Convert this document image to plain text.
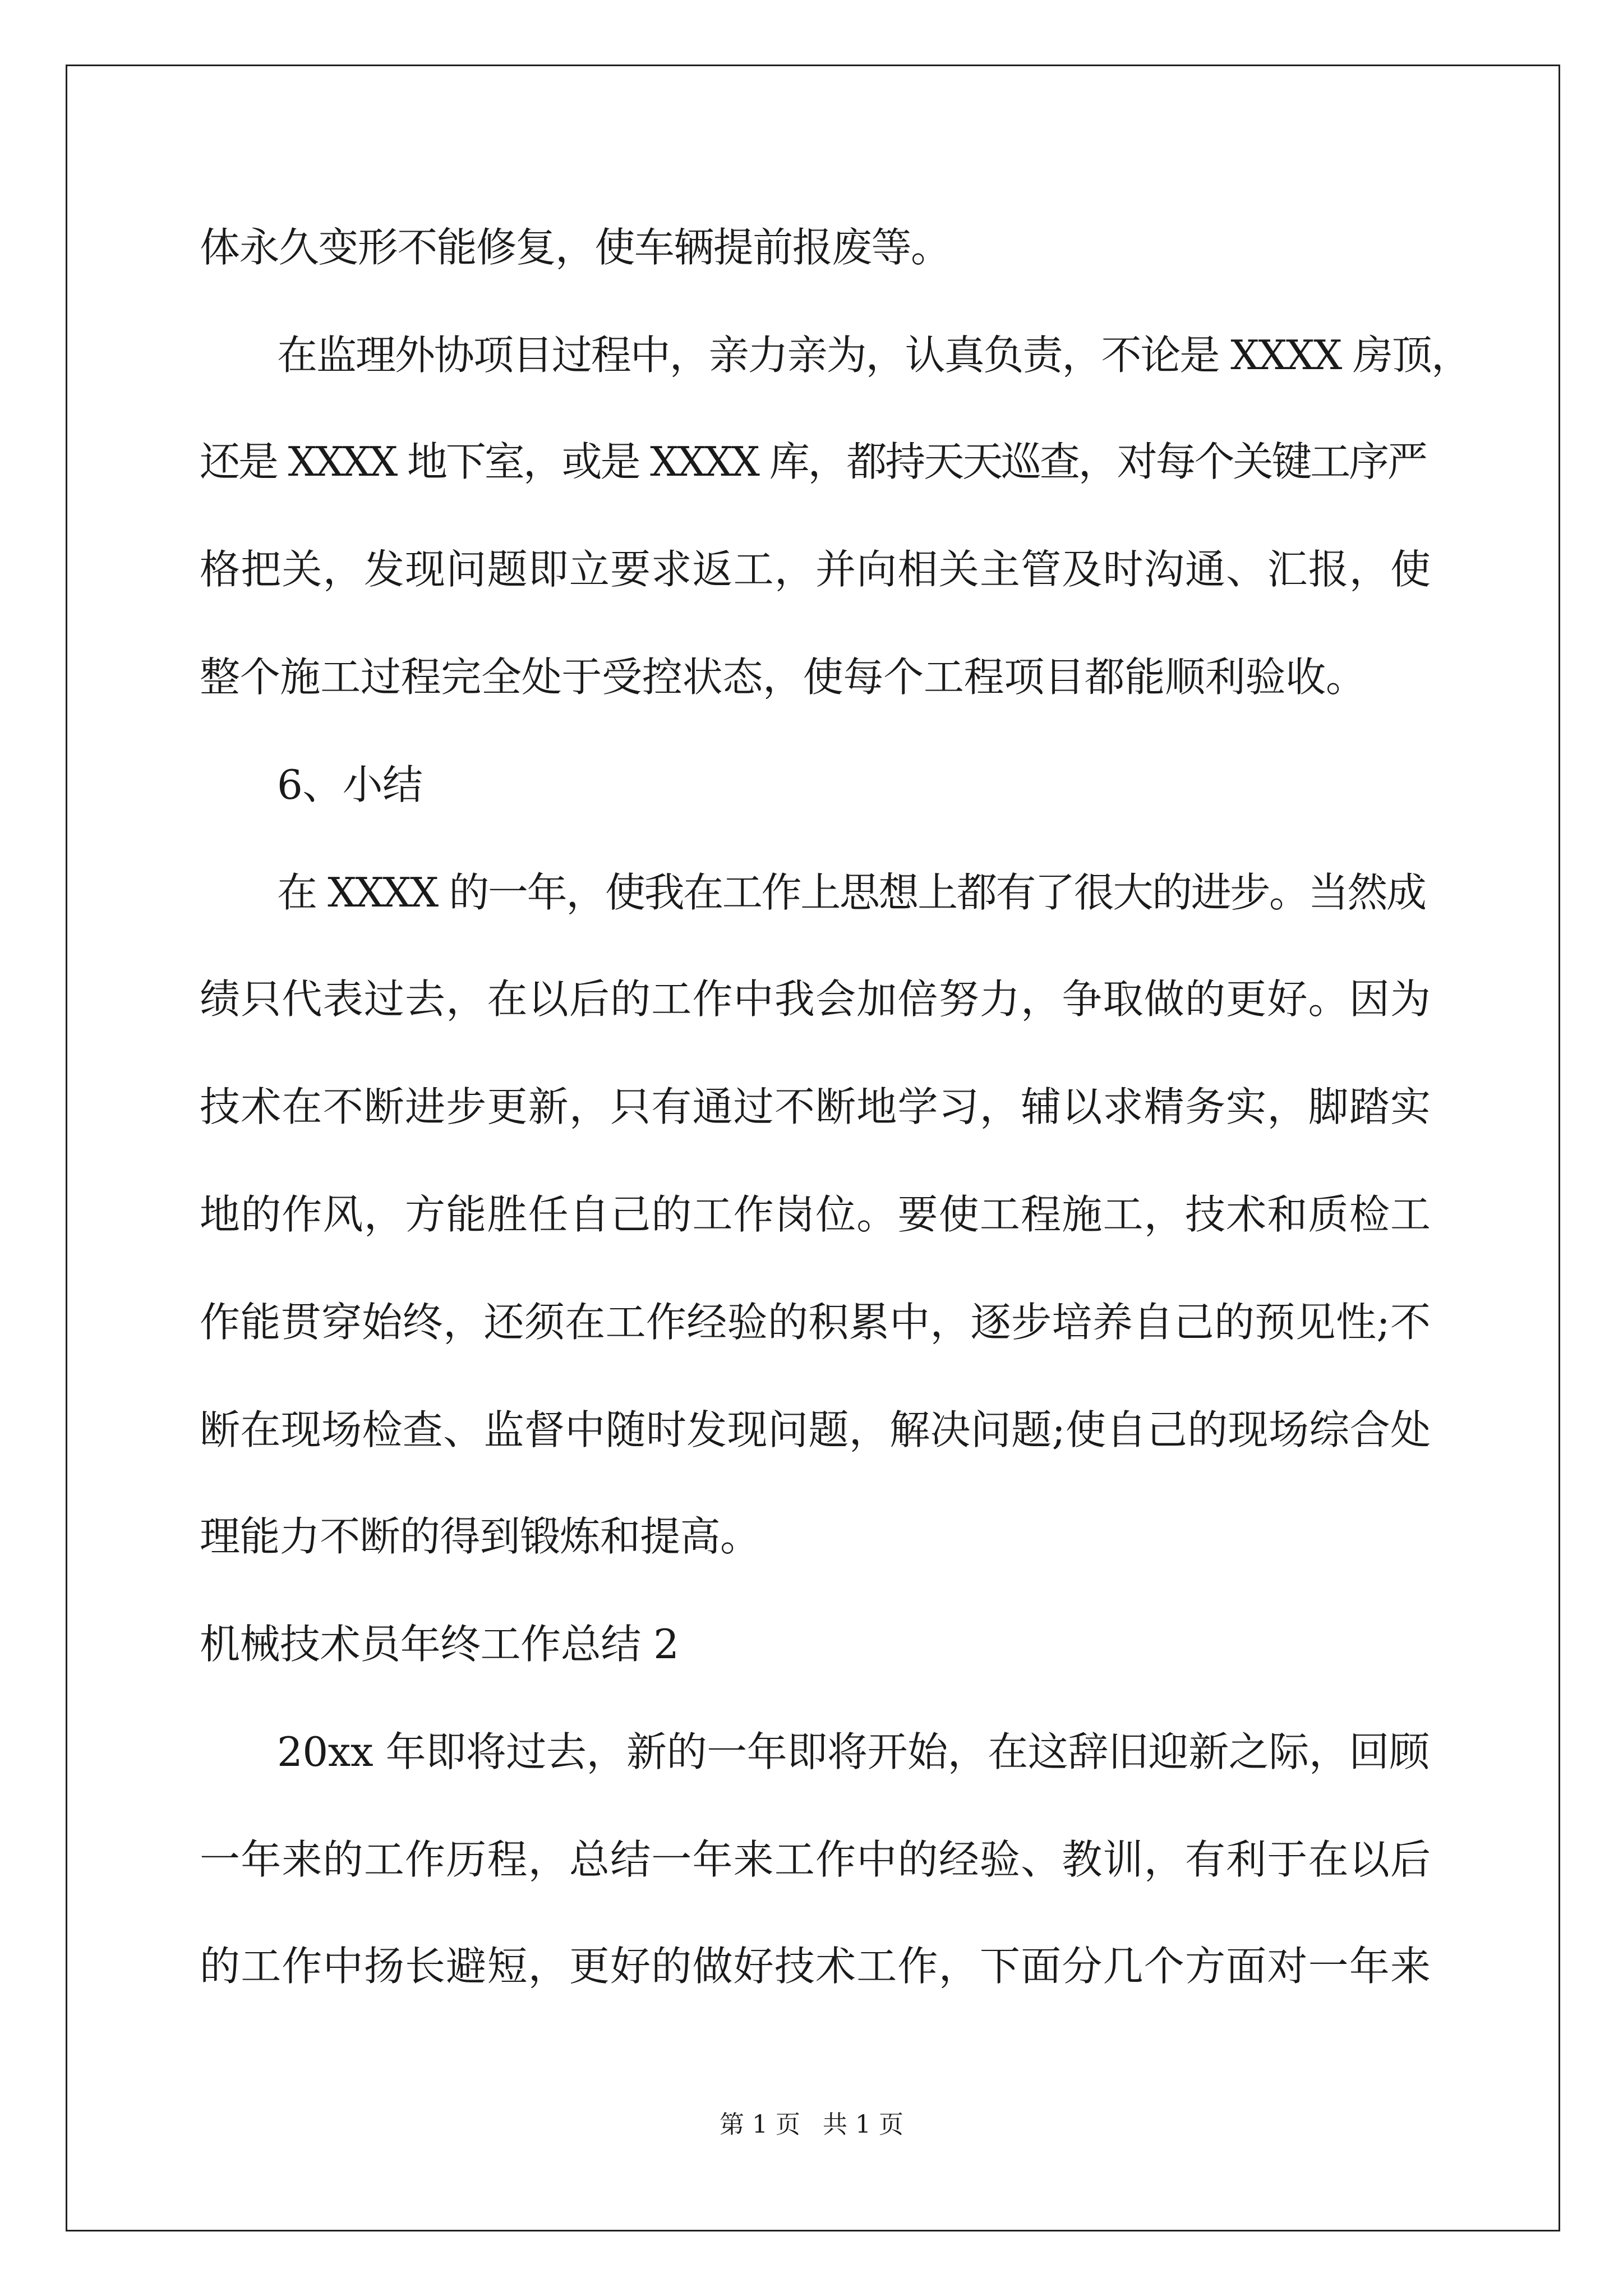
体永久变形不能修复，使车辆提前报废等。
在监理外协项目过程中，亲力亲为，认真负责，不论是 XXXX 房顶，
还是 XXXX 地下室，或是 XXXX 库，都持天天巡查，对每个关键工序严
格把关，发现问题即立要求返工，并向相关主管及时沟通、汇报，使
整个施工过程完全处于受控状态，使每个工程项目都能顺利验收。
6、小结
在 XXXX 的一年，使我在工作上思想上都有了很大的进步。当然成
绩只代表过去，在以后的工作中我会加倍努力，争取做的更好。因为
技术在不断进步更新，只有通过不断地学习，辅以求精务实，脚踏实
地的作风，方能胜任自己的工作岗位。要使工程施工，技术和质检工
作能贯穿始终，还须在工作经验的积累中，逐步培养自己的预见性;不
断在现场检查、监督中随时发现问题，解决问题;使自己的现场综合处
理能力不断的得到锻炼和提高。
机械技术员年终工作总结 2
20xx 年即将过去，新的一年即将开始，在这辞旧迎新之际，回顾
一年来的工作历程，总结一年来工作中的经验、教训，有利于在以后
的工作中扬长避短，更好的做好技术工作，下面分几个方面对一年来
第 1 页 共 1 页
